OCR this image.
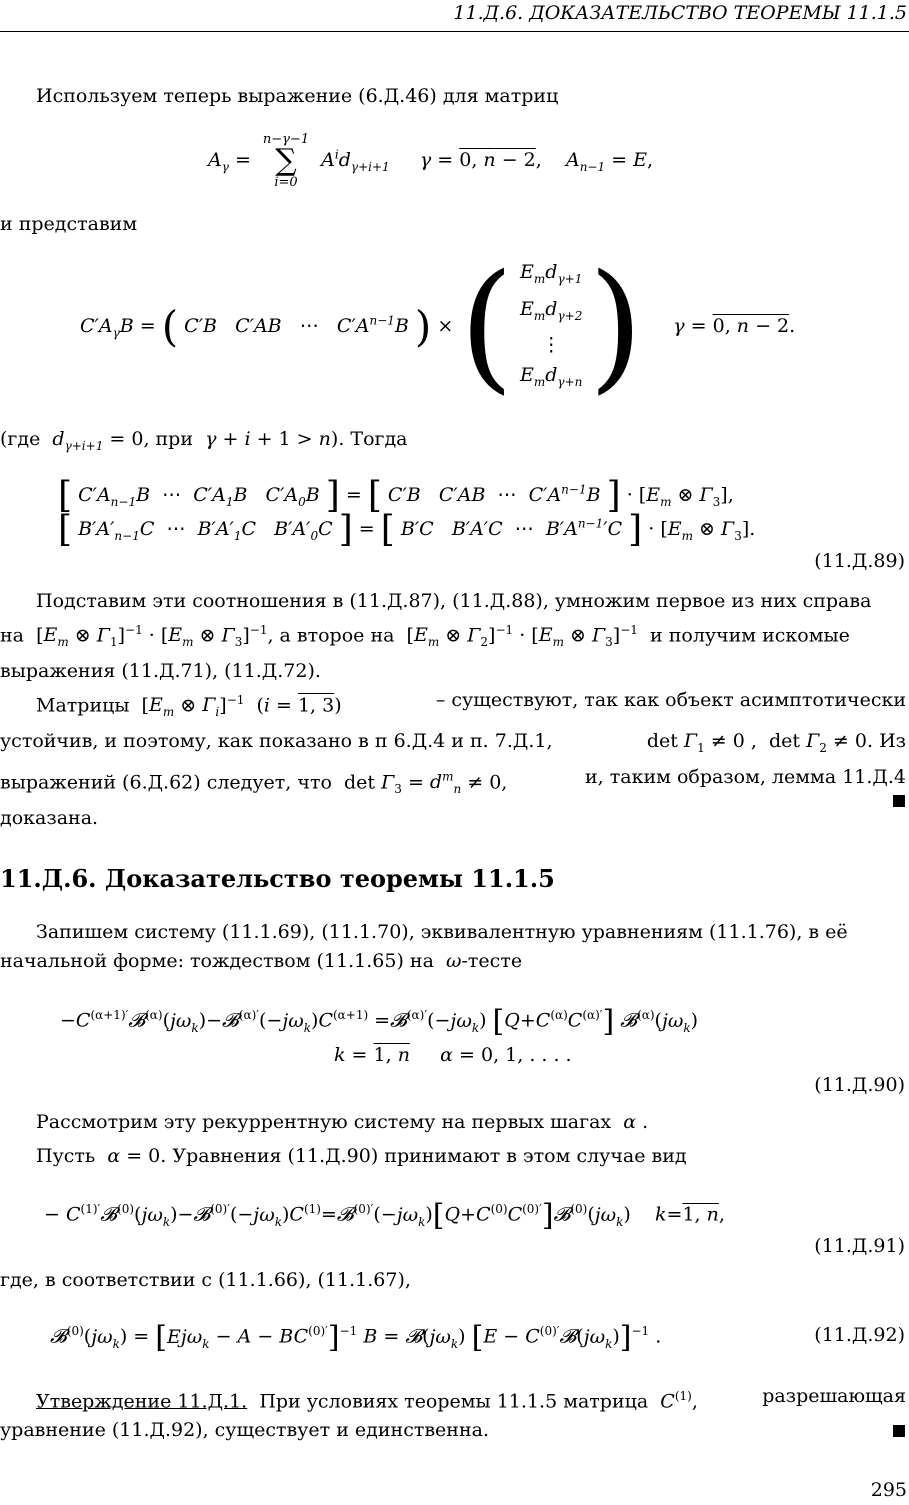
11.Д.6. ДОКАЗАТЕЛЬСТВО ТЕОРЕМЫ 11.1.5
Используем теперь выражение (6.Д.46) для матриц
$A_\gamma$ =
n−γ−1
∑
i=0
$A^id_{\gamma+i+1}$ γ = 0, n − 2,    $A_{n-1} = E$,
и представим
$C'A_\gamma B$ = ( C′B C′AB   ⋯   $C'A^{n-1}B$ ) × ( $E_md_{\gamma+1}$
$E_md_{\gamma+2}$
⋮
$E_md_{\gamma+n}$ ) γ = 0, n − 2.
(где $d_{\gamma+i+1} = 0$, при γ + i + 1 > n). Тогда
[ $C'A_{n-1}B$  ⋯  $C'A_1B$ $C'A_0B$ ] = [ C′B C′AB  ⋯  $C'A^{n-1}B$ ] · [$E_m$ ⊗ $\Gamma_3$],
[ $B'A'_{n-1}C$  ⋯  $B'A'_1C$ $B'A'_0C$ ] = [ B′C B′A′C  ⋯  $B'A^{n-1}'C$ ] · [$E_m$ ⊗ $\Gamma_3$].
(11.Д.89)
Подставим эти соотношения в (11.Д.87), (11.Д.88), умножим первое из них справа
на  [$E_m$ ⊗ $\Gamma_1]^{-1} \cdot [E_m$ ⊗ $\Gamma_3]^{-1}$, а второе на  [$E_m$ ⊗ $\Gamma_2]^{-1} \cdot [E_m$ ⊗ $\Gamma_3]^{-1}$ и получим искомые
выражения (11.Д.71), (11.Д.72).
Матрицы  [$E_m$ ⊗ $\Gamma_i]^{-1}$  (i = 1, 3)	– существуют, так как объект асимптотически
устойчив, и поэтому, как показано в п 6.Д.4 и п. 7.Д.1,	$\det \Gamma_1 \ne 0$ ,  $\det \Gamma_2 \ne 0$. Из
выражений (6.Д.62) следует, что  $\det \Gamma_3 = d^m_n \ne 0$,	и, таким образом, лемма 11.Д.4
доказана.
11.Д.6. Доказательство теоремы 11.1.5
Запишем систему (11.1.69), (11.1.70), эквивалентную уравнениям (11.1.76), в её
начальной форме: тождеством (11.1.65) на ω-тесте
$-C^{(\alpha+1)'}𝓑^{(\alpha)}(j\omega_k)-𝓑^{(\alpha)'}(-j\omega_k)C^{(\alpha+1)}$ $=𝓑^{(\alpha)'}(-j\omega_k)$ $[Q+C^{(\alpha)}C^{(\alpha)'}]$ $𝓑^{(\alpha)}(j\omega_k)$
k = 1, n α = 0, 1, . . . .
(11.Д.90)
Рассмотрим эту рекуррентную систему на первых шагах α .
Пусть α = 0. Уравнения (11.Д.90) принимают в этом случае вид
− $C^{(1)'}𝓑^{(0)}(j\omega_k)-𝓑^{(0)'}(-j\omega_k)C^{(1)}=𝓑^{(0)'}(-j\omega_k)[Q+C^{(0)}C^{(0)'}]𝓑^{(0)}(j\omega_k)$    k=1, n,
(11.Д.91)
где, в соответствии с (11.1.66), (11.1.67),
$𝓑^{(0)}(j\omega_k) = [Ej\omega_k - A - BC^{(0)'}]^{-1}$ $B = 𝓑(j\omega_k) [E$ − $C^{(0)'}𝓑(j\omega_k)]^{-1}$ .	(11.Д.92)
Утверждение 11.Д.1. При условиях теоремы 11.1.5 матрица $C^{(1)}$,	разрешающая
уравнение (11.Д.92), существует и единственна.
295
